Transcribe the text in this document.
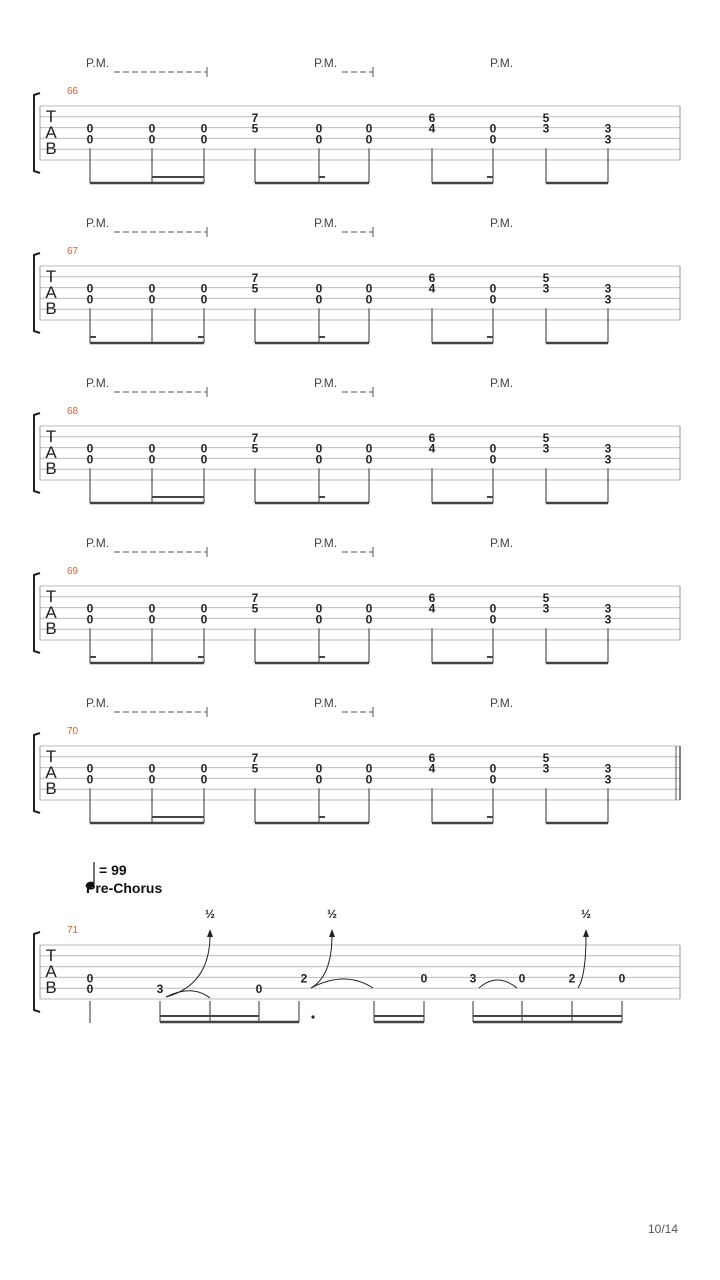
T
A
B
66
P.M.	P.M.	P.M.
0
0
0
0
0
0
7
5	0
0
0
0
6
4	0
0
5
3	3
3
T
A
B
67
P.M.	P.M.	P.M.
0
0
0
0
0
0
7
5	0
0
0
0
6
4	0
0
5
3	3
3
T
A
B
68
P.M.	P.M.	P.M.
0
0
0
0
0
0
7
5	0
0
0
0
6
4	0
0
5
3	3
3
T
A
B
69
P.M.	P.M.	P.M.
0
0
0
0
0
0
7
5	0
0
0
0
6
4	0
0
5
3	3
3
T
A
B
70
P.M.	P.M.	P.M.
0
0
0
0
0
0
7
5	0
0
0
0
6
4	0
0
5
3	3
3
= 99
Pre-Chorus
T
A
B
71
0
0	3	0
2	0	3	0	2	0
½	½	½
10/14
